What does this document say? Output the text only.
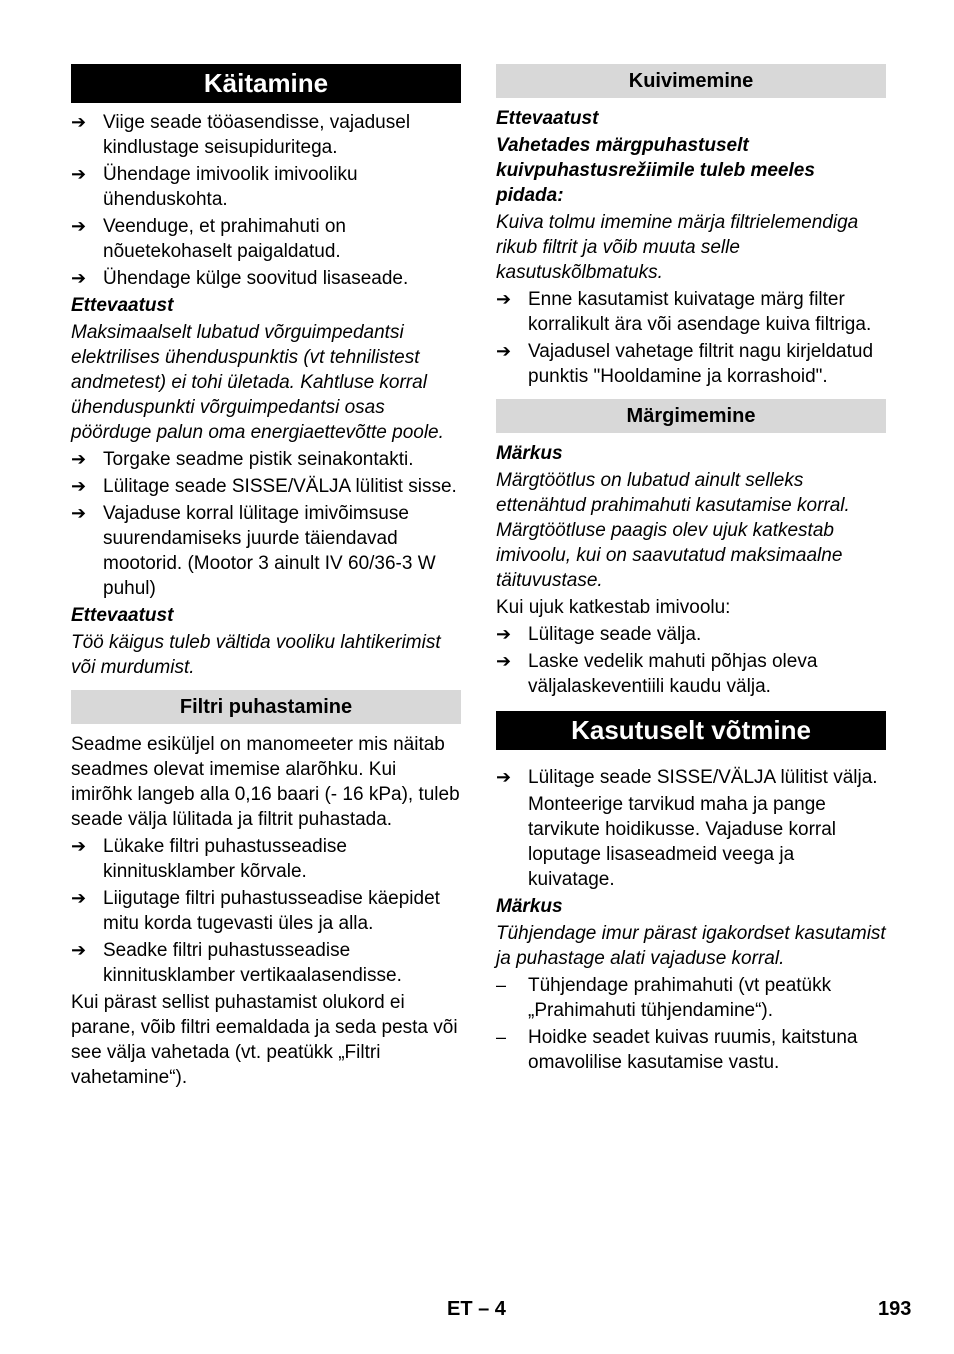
Käitamine
➔ Viige seade tööasendisse, vajadusel kindlustage seisupiduritega.
➔ Ühendage imivoolik imivooliku ühenduskohta.
➔ Veenduge, et prahimahuti on nõuetekohaselt paigaldatud.
➔ Ühendage külge soovitud lisaseade.
Ettevaatust
Maksimaalselt lubatud võrguimpedantsi elektrilises ühenduspunktis (vt tehnilistest andmetest) ei tohi ületada. Kahtluse korral ühenduspunkti võrguimpedantsi osas pöörduge palun oma energiaettevõtte poole.
➔ Torgake seadme pistik seinakontakti.
➔ Lülitage seade SISSE/VÄLJA lülitist sisse.
➔ Vajaduse korral lülitage imivõimsuse suurendamiseks juurde täiendavad mootorid. (Mootor 3 ainult IV 60/36-3 W puhul)
Ettevaatust
Töö käigus tuleb vältida vooliku lahtikerimist või murdumist.
Filtri puhastamine
Seadme esiküljel on manomeeter mis näitab seadmes olevat imemise alarõhku. Kui imirõhk langeb alla 0,16 baari (- 16 kPa), tuleb seade välja lülitada ja filtrit puhastada.
➔ Lükake filtri puhastusseadise kinnitusklamber kõrvale.
➔ Liigutage filtri puhastusseadise käepidet mitu korda tugevasti üles ja alla.
➔ Seadke filtri puhastusseadise kinnitusklamber vertikaalasendisse.
Kui pärast sellist puhastamist olukord ei parane, võib filtri eemaldada ja seda pesta või see välja vahetada (vt. peatükk „Filtri vahetamine“).
Kuivimemine
Ettevaatust
Vahetades märgpuhastuselt kuivpuhastusrežiimile tuleb meeles pidada:
Kuiva tolmu imemine märja filtrielemendiga rikub filtrit ja võib muuta selle kasutuskõlbmatuks.
➔ Enne kasutamist kuivatage märg filter korralikult ära või asendage kuiva filtriga.
➔ Vajadusel vahetage filtrit nagu kirjeldatud punktis "Hooldamine ja korrashoid".
Märgimemine
Märkus
Märgtöötlus on lubatud ainult selleks ettenähtud prahimahuti kasutamise korral. Märgtöötluse paagis olev ujuk katkestab imivoolu, kui on saavutatud maksimaalne täituvustase.
Kui ujuk katkestab imivoolu:
➔ Lülitage seade välja.
➔ Laske vedelik mahuti põhjas oleva väljalaskeventiili kaudu välja.
Kasutuselt võtmine
➔ Lülitage seade SISSE/VÄLJA lülitist välja.
Monteerige tarvikud maha ja pange tarvikute hoidikusse. Vajaduse korral loputage lisaseadmeid veega ja kuivatage.
Märkus
Tühjendage imur pärast igakordset kasutamist ja puhastage alati vajaduse korral.
–	Tühjendage prahimahuti (vt peatükk „Prahimahuti tühjendamine“).
–	Hoidke seadet kuivas ruumis, kaitstuna omavolilise kasutamise vastu.
ET – 4	193
